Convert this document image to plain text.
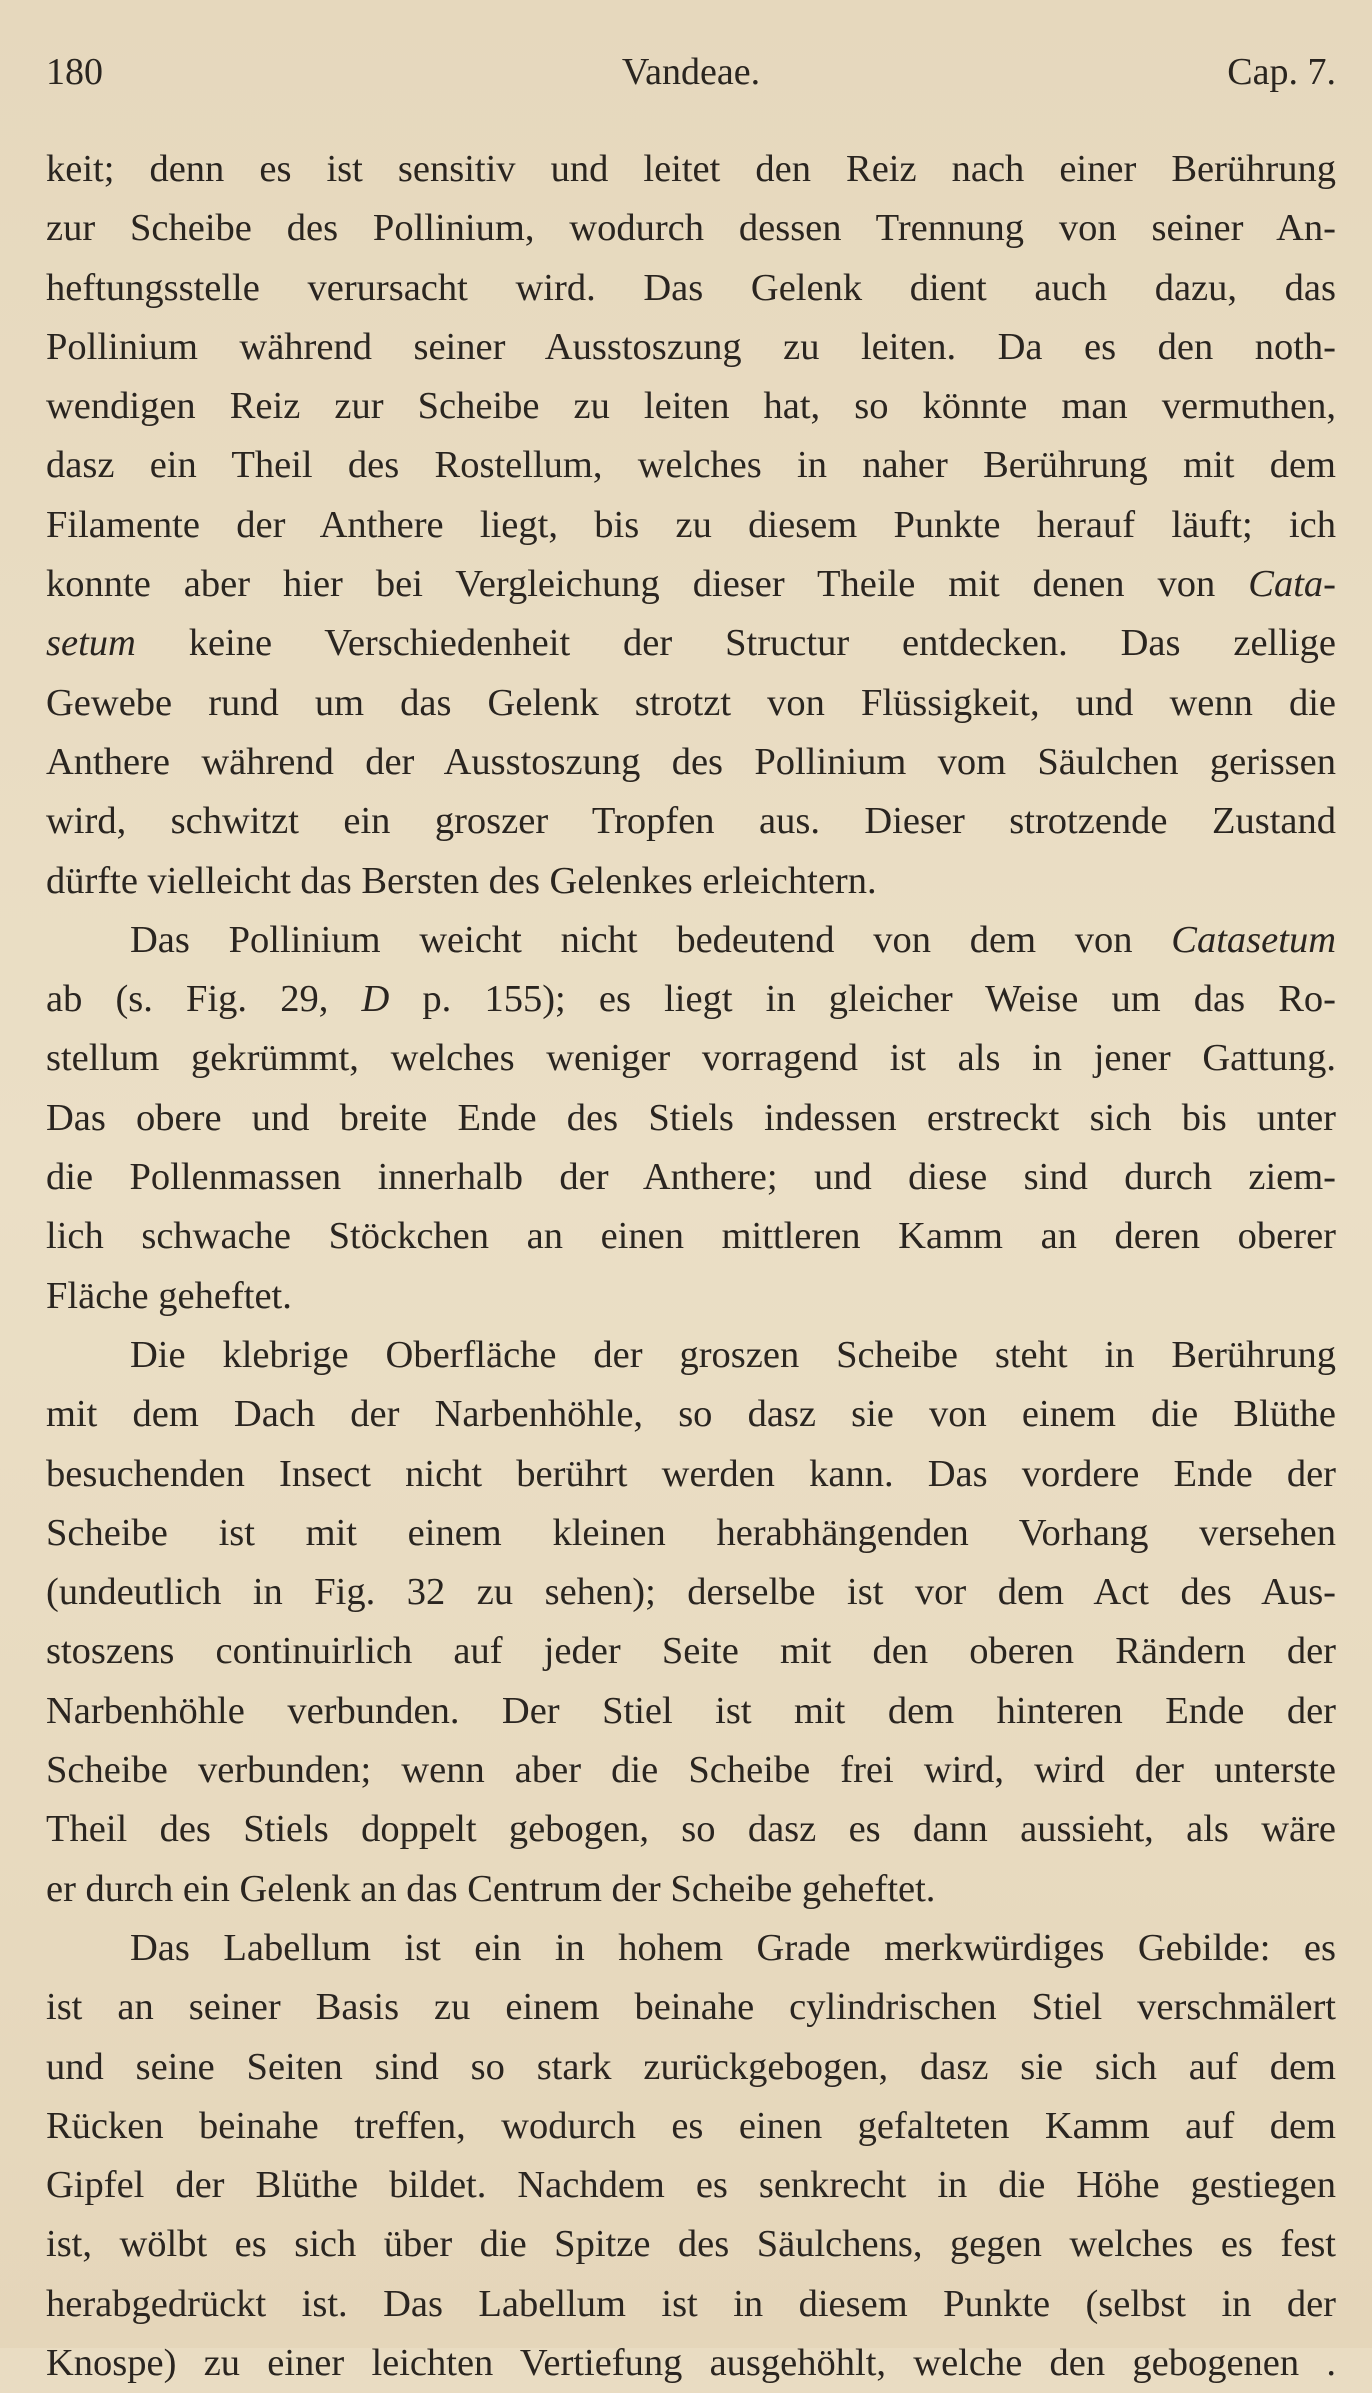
180	Vandeae.	Cap. 7.
keit; denn es ist sensitiv und leitet den Reiz nach einer Berührung
zur Scheibe des Pollinium, wodurch dessen Trennung von seiner An-
heftungsstelle verursacht wird. Das Gelenk dient auch dazu, das
Pollinium während seiner Ausstoszung zu leiten. Da es den noth-
wendigen Reiz zur Scheibe zu leiten hat, so könnte man vermuthen,
dasz ein Theil des Rostellum, welches in naher Berührung mit dem
Filamente der Anthere liegt, bis zu diesem Punkte herauf läuft; ich
konnte aber hier bei Vergleichung dieser Theile mit denen von Cata-
setum keine Verschiedenheit der Structur entdecken. Das zellige
Gewebe rund um das Gelenk strotzt von Flüssigkeit, und wenn die
Anthere während der Ausstoszung des Pollinium vom Säulchen gerissen
wird, schwitzt ein groszer Tropfen aus. Dieser strotzende Zustand
dürfte vielleicht das Bersten des Gelenkes erleichtern.
Das Pollinium weicht nicht bedeutend von dem von Catasetum
ab (s. Fig. 29, D p. 155); es liegt in gleicher Weise um das Ro-
stellum gekrümmt, welches weniger vorragend ist als in jener Gattung.
Das obere und breite Ende des Stiels indessen erstreckt sich bis unter
die Pollenmassen innerhalb der Anthere; und diese sind durch ziem-
lich schwache Stöckchen an einen mittleren Kamm an deren oberer
Fläche geheftet.
Die klebrige Oberfläche der groszen Scheibe steht in Berührung
mit dem Dach der Narbenhöhle, so dasz sie von einem die Blüthe
besuchenden Insect nicht berührt werden kann. Das vordere Ende der
Scheibe ist mit einem kleinen herabhängenden Vorhang versehen
(undeutlich in Fig. 32 zu sehen); derselbe ist vor dem Act des Aus-
stoszens continuirlich auf jeder Seite mit den oberen Rändern der
Narbenhöhle verbunden. Der Stiel ist mit dem hinteren Ende der
Scheibe verbunden; wenn aber die Scheibe frei wird, wird der unterste
Theil des Stiels doppelt gebogen, so dasz es dann aussieht, als wäre
er durch ein Gelenk an das Centrum der Scheibe geheftet.
Das Labellum ist ein in hohem Grade merkwürdiges Gebilde: es
ist an seiner Basis zu einem beinahe cylindrischen Stiel verschmälert
und seine Seiten sind so stark zurückgebogen, dasz sie sich auf dem
Rücken beinahe treffen, wodurch es einen gefalteten Kamm auf dem
Gipfel der Blüthe bildet. Nachdem es senkrecht in die Höhe gestiegen
ist, wölbt es sich über die Spitze des Säulchens, gegen welches es fest
herabgedrückt ist. Das Labellum ist in diesem Punkte (selbst in der
Knospe) zu einer leichten Vertiefung ausgehöhlt, welche den gebogenen .
